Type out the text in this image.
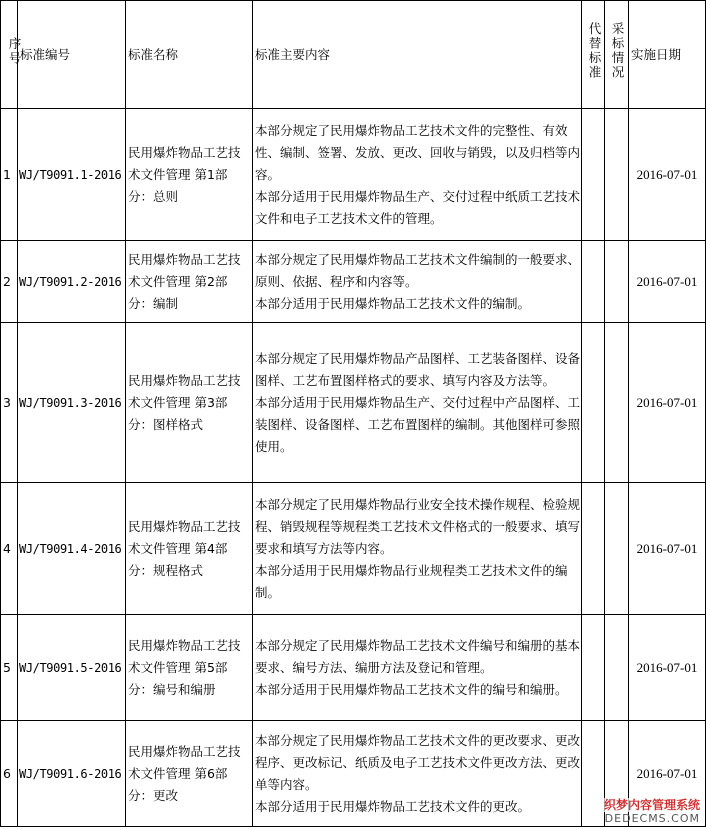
序号	标准编号	标准名称	标准主要内容	代替标准	采标情况	实施日期
1	WJ/T9091.1-2016	民用爆炸物品工艺技术文件管理 第1部分：总则	本部分规定了民用爆炸物品工艺技术文件的完整性、有效性、编制、签署、发放、更改、回收与销毁，以及归档等内容。
本部分适用于民用爆炸物品生产、交付过程中纸质工艺技术文件和电子工艺技术文件的管理。			2016-07-01
2	WJ/T9091.2-2016	民用爆炸物品工艺技术文件管理 第2部分：编制	本部分规定了民用爆炸物品工艺技术文件编制的一般要求、原则、依据、程序和内容等。
本部分适用于民用爆炸物品工艺技术文件的编制。			2016-07-01
3	WJ/T9091.3-2016	民用爆炸物品工艺技术文件管理 第3部分：图样格式	本部分规定了民用爆炸物品产品图样、工艺装备图样、设备图样、工艺布置图样格式的要求、填写内容及方法等。
本部分适用于民用爆炸物品生产、交付过程中产品图样、工装图样、设备图样、工艺布置图样的编制。其他图样可参照使用。			2016-07-01
4	WJ/T9091.4-2016	民用爆炸物品工艺技术文件管理 第4部分：规程格式	本部分规定了民用爆炸物品行业安全技术操作规程、检验规程、销毁规程等规程类工艺技术文件格式的一般要求、填写要求和填写方法等内容。
本部分适用于民用爆炸物品行业规程类工艺技术文件的编制。			2016-07-01
5	WJ/T9091.5-2016	民用爆炸物品工艺技术文件管理 第5部分：编号和编册	本部分规定了民用爆炸物品工艺技术文件编号和编册的基本要求、编号方法、编册方法及登记和管理。
本部分适用于民用爆炸物品工艺技术文件的编号和编册。			2016-07-01
6	WJ/T9091.6-2016	民用爆炸物品工艺技术文件管理 第6部分：更改	本部分规定了民用爆炸物品工艺技术文件的更改要求、更改程序、更改标记、纸质及电子工艺技术文件更改方法、更改单等内容。
本部分适用于民用爆炸物品工艺技术文件的更改。			2016-07-01
织梦内容管理系统
DEDECMS.COM
